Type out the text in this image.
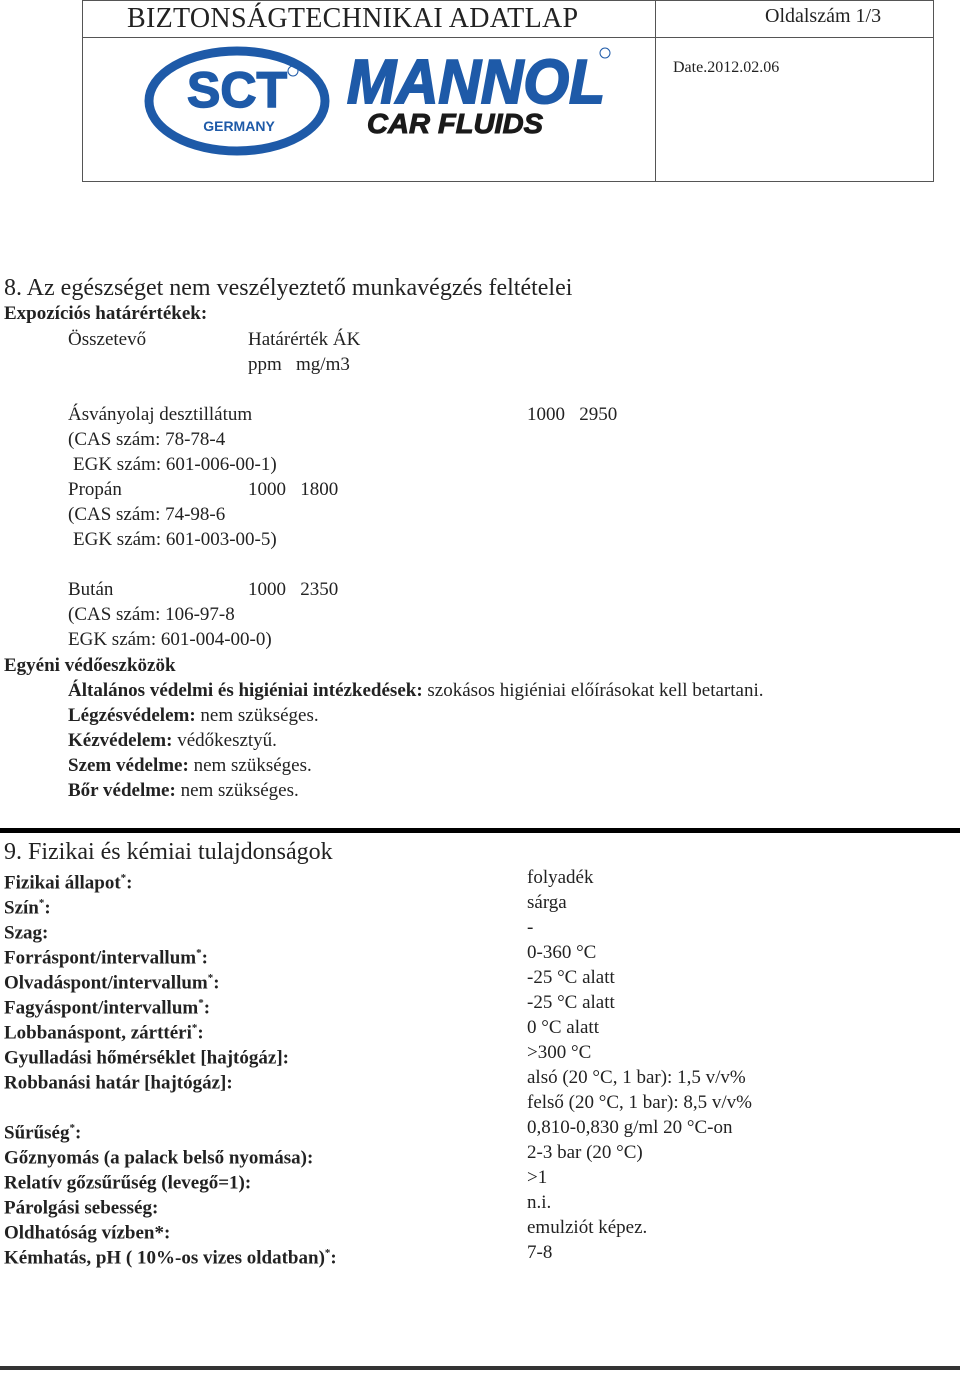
BIZTONSÁGTECHNIKAI ADATLAP	Oldalszám 1/3
Date.2012.02.06
SCT
GERMANY
MANNOL
CAR FLUIDS
8. Az egészséget nem veszélyeztető munkavégzés feltételei
Expozíciós határértékek:
Összetevő	Határérték ÁK
ppm   mg/m3
Ásványolaj desztillátum	1000   2950
(CAS szám: 78-78-4
EGK szám: 601-006-00-1)
Propán	1000   1800
(CAS szám: 74-98-6
EGK szám: 601-003-00-5)
Bután	1000   2350
(CAS szám: 106-97-8
EGK szám: 601-004-00-0)
Egyéni védőeszközök
Általános védelmi és higiéniai intézkedések: szokásos higiéniai előírásokat kell betartani.
Légzésvédelem: nem szükséges.
Kézvédelem: védőkesztyű.
Szem védelme: nem szükséges.
Bőr védelme: nem szükséges.
9. Fizikai és kémiai tulajdonságok
Fizikai állapot*:	folyadék
Szín*:	sárga
Szag:	-
Forráspont/intervallum*:	0-360 °C
Olvadáspont/intervallum*:	-25 °C alatt
Fagyáspont/intervallum*:	-25 °C alatt
Lobbanáspont, zárttéri*:	0 °C alatt
Gyulladási hőmérséklet [hajtógáz]:	>300 °C
Robbanási határ [hajtógáz]:	alsó (20 °C, 1 bar): 1,5 v/v%
felső (20 °C, 1 bar): 8,5 v/v%
Sűrűség*:	0,810-0,830 g/ml 20 °C-on
Gőznyomás (a palack belső nyomása):	2-3 bar (20 °C)
Relatív gőzsűrűség (levegő=1):	>1
Párolgási sebesség:	n.i.
Oldhatóság vízben*:	emulziót képez.
Kémhatás, pH ( 10%-os vizes oldatban)*:	7-8
